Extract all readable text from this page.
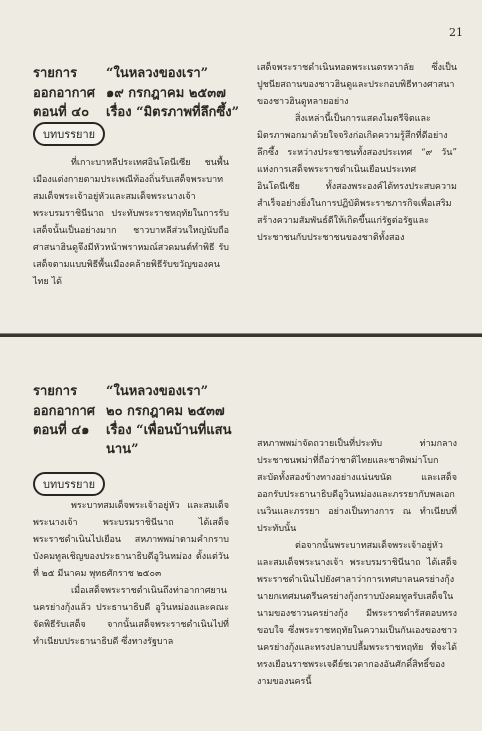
21
รายการ “ในหลวงของเรา”
ออกอากาศ ๑๙ กรกฎาคม ๒๕๓๗
ตอนที่ ๔๐ เรื่อง “มิตรภาพที่ลึกซึ้ง”
บทบรรยาย

ที่เกาะบาหลีประเทศอินโดนีเซีย ชนพื้นเมืองแต่งกายตามประเพณีท้องถิ่นรับเสด็จพระบาทสมเด็จพระเจ้าอยู่หัวและสมเด็จพระนางเจ้า พระบรมราชินีนาถ ประทับพระราชหฤทัยในการรับเสด็จนั้นเป็นอย่างมาก ชาวบาหลีส่วนใหญ่นับถือศาสนาฮินดูจึงมีหัวหน้าพราหมณ์สวดมนต์ทำพิธี รับเสด็จตามแบบพิธีพื้นเมืองคล้ายพิธีรับขวัญของคนไทย ได้

เสด็จพระราชดำเนินทอดพระเนตรหวาลัย ซึ่งเป็นปูชนียสถานของชาวฮินดูและประกอบพิธีทางศาสนาของชาวฮินดูหลายอย่าง

สิ่งเหล่านี้เป็นการแสดงไมตรีจิตและมิตรภาพอกมาด้วยใจจริงก่อเกิดความรู้สึกที่ดีอย่างลึกซึ้ง ระหว่างประชาชนทั้งสองประเทศ “๙ วัน” แห่งการเสด็จพระราชดำเนินเยือนประเทศอินโดนีเซีย ทั้งสองพระองค์ได้ทรงประสบความสำเร็จอย่างยิ่งในการปฏิบัติพระราชภารกิจเพื่อเสริมสร้างความสัมพันธ์ดีให้เกิดขึ้นแก่รัฐต่อรัฐและประชาชนกับประชาชนของชาติทั้งสอง

รายการ “ในหลวงของเรา”
ออกอากาศ ๒๐ กรกฎาคม ๒๕๓๗
ตอนที่ ๔๑ เรื่อง “เพื่อนบ้านที่แสน
นาน”
บทบรรยาย

พระบาทสมเด็จพระเจ้าอยู่หัว และสมเด็จพระนางเจ้า พระบรมราชินีนาถ ได้เสด็จพระราชดำเนินไปเยือน สหภาพพม่าตามคำกราบบังคมทูลเชิญของประธานาธิบดีอูวินหม่อง ตั้งแต่วันที่ ๒๕ มีนาคม พุทธศักราช ๒๕๐๓

เมื่อเสด็จพระราชดำเนินถึงท่าอากาศยานนครย่างกุ้งแล้ว ประธานาธิบดี อูวินหม่องและคณะจัดพิธีรับเสด็จ จากนั้นเสด็จพระราชดำเนินไปที่ทำเนียบประธานาธิบดี ซึ่งทางรัฐบาล

สหภาพพม่าจัดถวายเป็นที่ประทับ ท่ามกลางประชาชนพม่าที่ถือว่าชาติไทยและชาติพม่าโบกสะบัดทั้งสองข้างทางอย่างแน่นขนัด และเสด็จออกรับประธานาธิบดีอูวินหม่องและภรรยากับพลเอกเนวินและภรรยา อย่างเป็นทางการ ณ ทำเนียบที่ประทับนั้น

ต่อจากนั้นพระบาทสมเด็จพระเจ้าอยู่หัวและสมเด็จพระนางเจ้า พระบรมราชินีนาถ ได้เสด็จพระราชดำเนินไปยังศาลาว่าการเทศบาลนครย่างกุ้ง นายกเทศมนตรีนครย่างกุ้งกราบบังคมทูลรับเสด็จในนามของชาวนครย่างกุ้ง มีพระราชดำรัสตอบทรงขอบใจ ซึ่งพระราชหฤทัยในความเป็นกันเองของชาวนครย่างกุ้งและทรงปลาบปลื้มพระราชหฤทัย ที่จะได้ทรงเยือนราชพระเจดีย์ชเวดากองอันศักดิ์สิทธิ์ของงามของนครนี้
